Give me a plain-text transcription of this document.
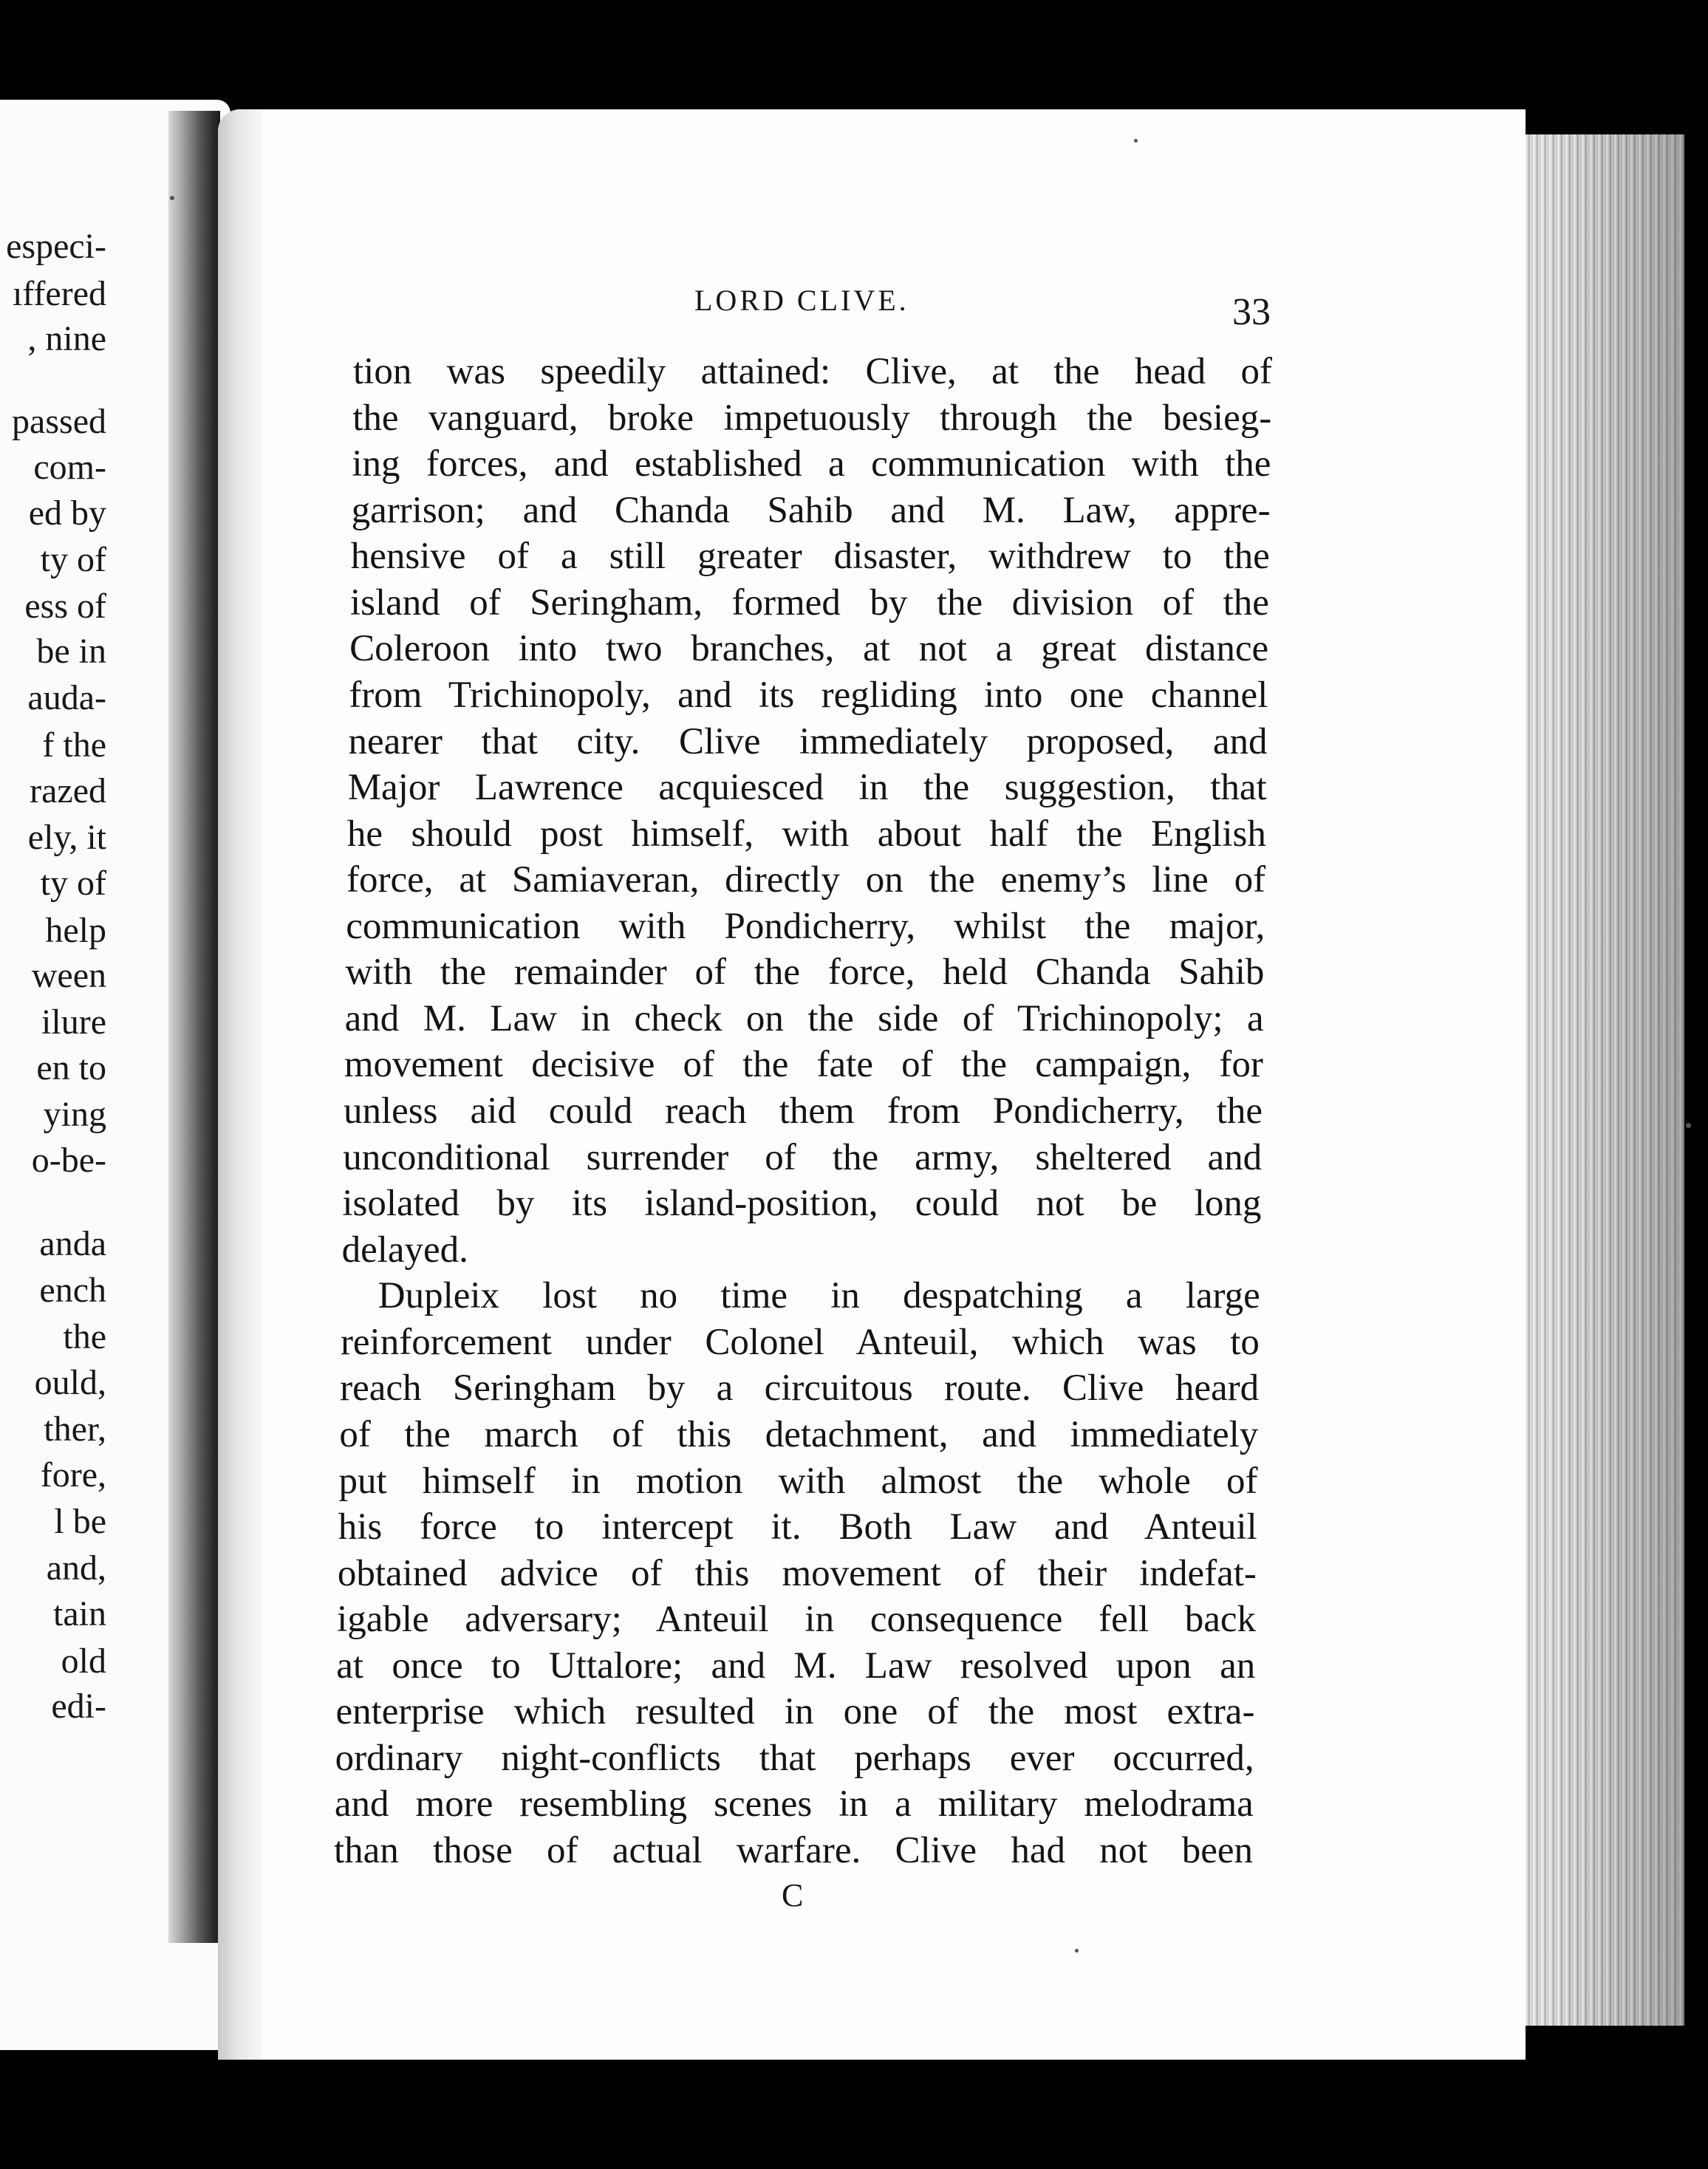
especi-
ıffered
, nine
passed
com-
ed by
ty of
ess of
be in
auda-
f the
razed
ely, it
ty of
help
ween
ilure
en to
ying
o-be-
anda
ench
the
ould,
ther,
fore,
l be
and,
tain
old
edi-
LORD CLIVE.	33
tion was speedily attained: Clive, at the head of
the vanguard, broke impetuously through the besieg-
ing forces, and established a communication with the
garrison; and Chanda Sahib and M. Law, appre-
hensive of a still greater disaster, withdrew to the
island of Seringham, formed by the division of the
Coleroon into two branches, at not a great distance
from Trichinopoly, and its regliding into one channel
nearer that city. Clive immediately proposed, and
Major Lawrence acquiesced in the suggestion, that
he should post himself, with about half the English
force, at Samiaveran, directly on the enemy’s line of
communication with Pondicherry, whilst the major,
with the remainder of the force, held Chanda Sahib
and M. Law in check on the side of Trichinopoly; a
movement decisive of the fate of the campaign, for
unless aid could reach them from Pondicherry, the
unconditional surrender of the army, sheltered and
isolated by its island-position, could not be long
delayed.
Dupleix lost no time in despatching a large
reinforcement under Colonel Anteuil, which was to
reach Seringham by a circuitous route. Clive heard
of the march of this detachment, and immediately
put himself in motion with almost the whole of
his force to intercept it. Both Law and Anteuil
obtained advice of this movement of their indefat-
igable adversary; Anteuil in consequence fell back
at once to Uttalore; and M. Law resolved upon an
enterprise which resulted in one of the most extra-
ordinary night-conflicts that perhaps ever occurred,
and more resembling scenes in a military melodrama
than those of actual warfare. Clive had not been
C
